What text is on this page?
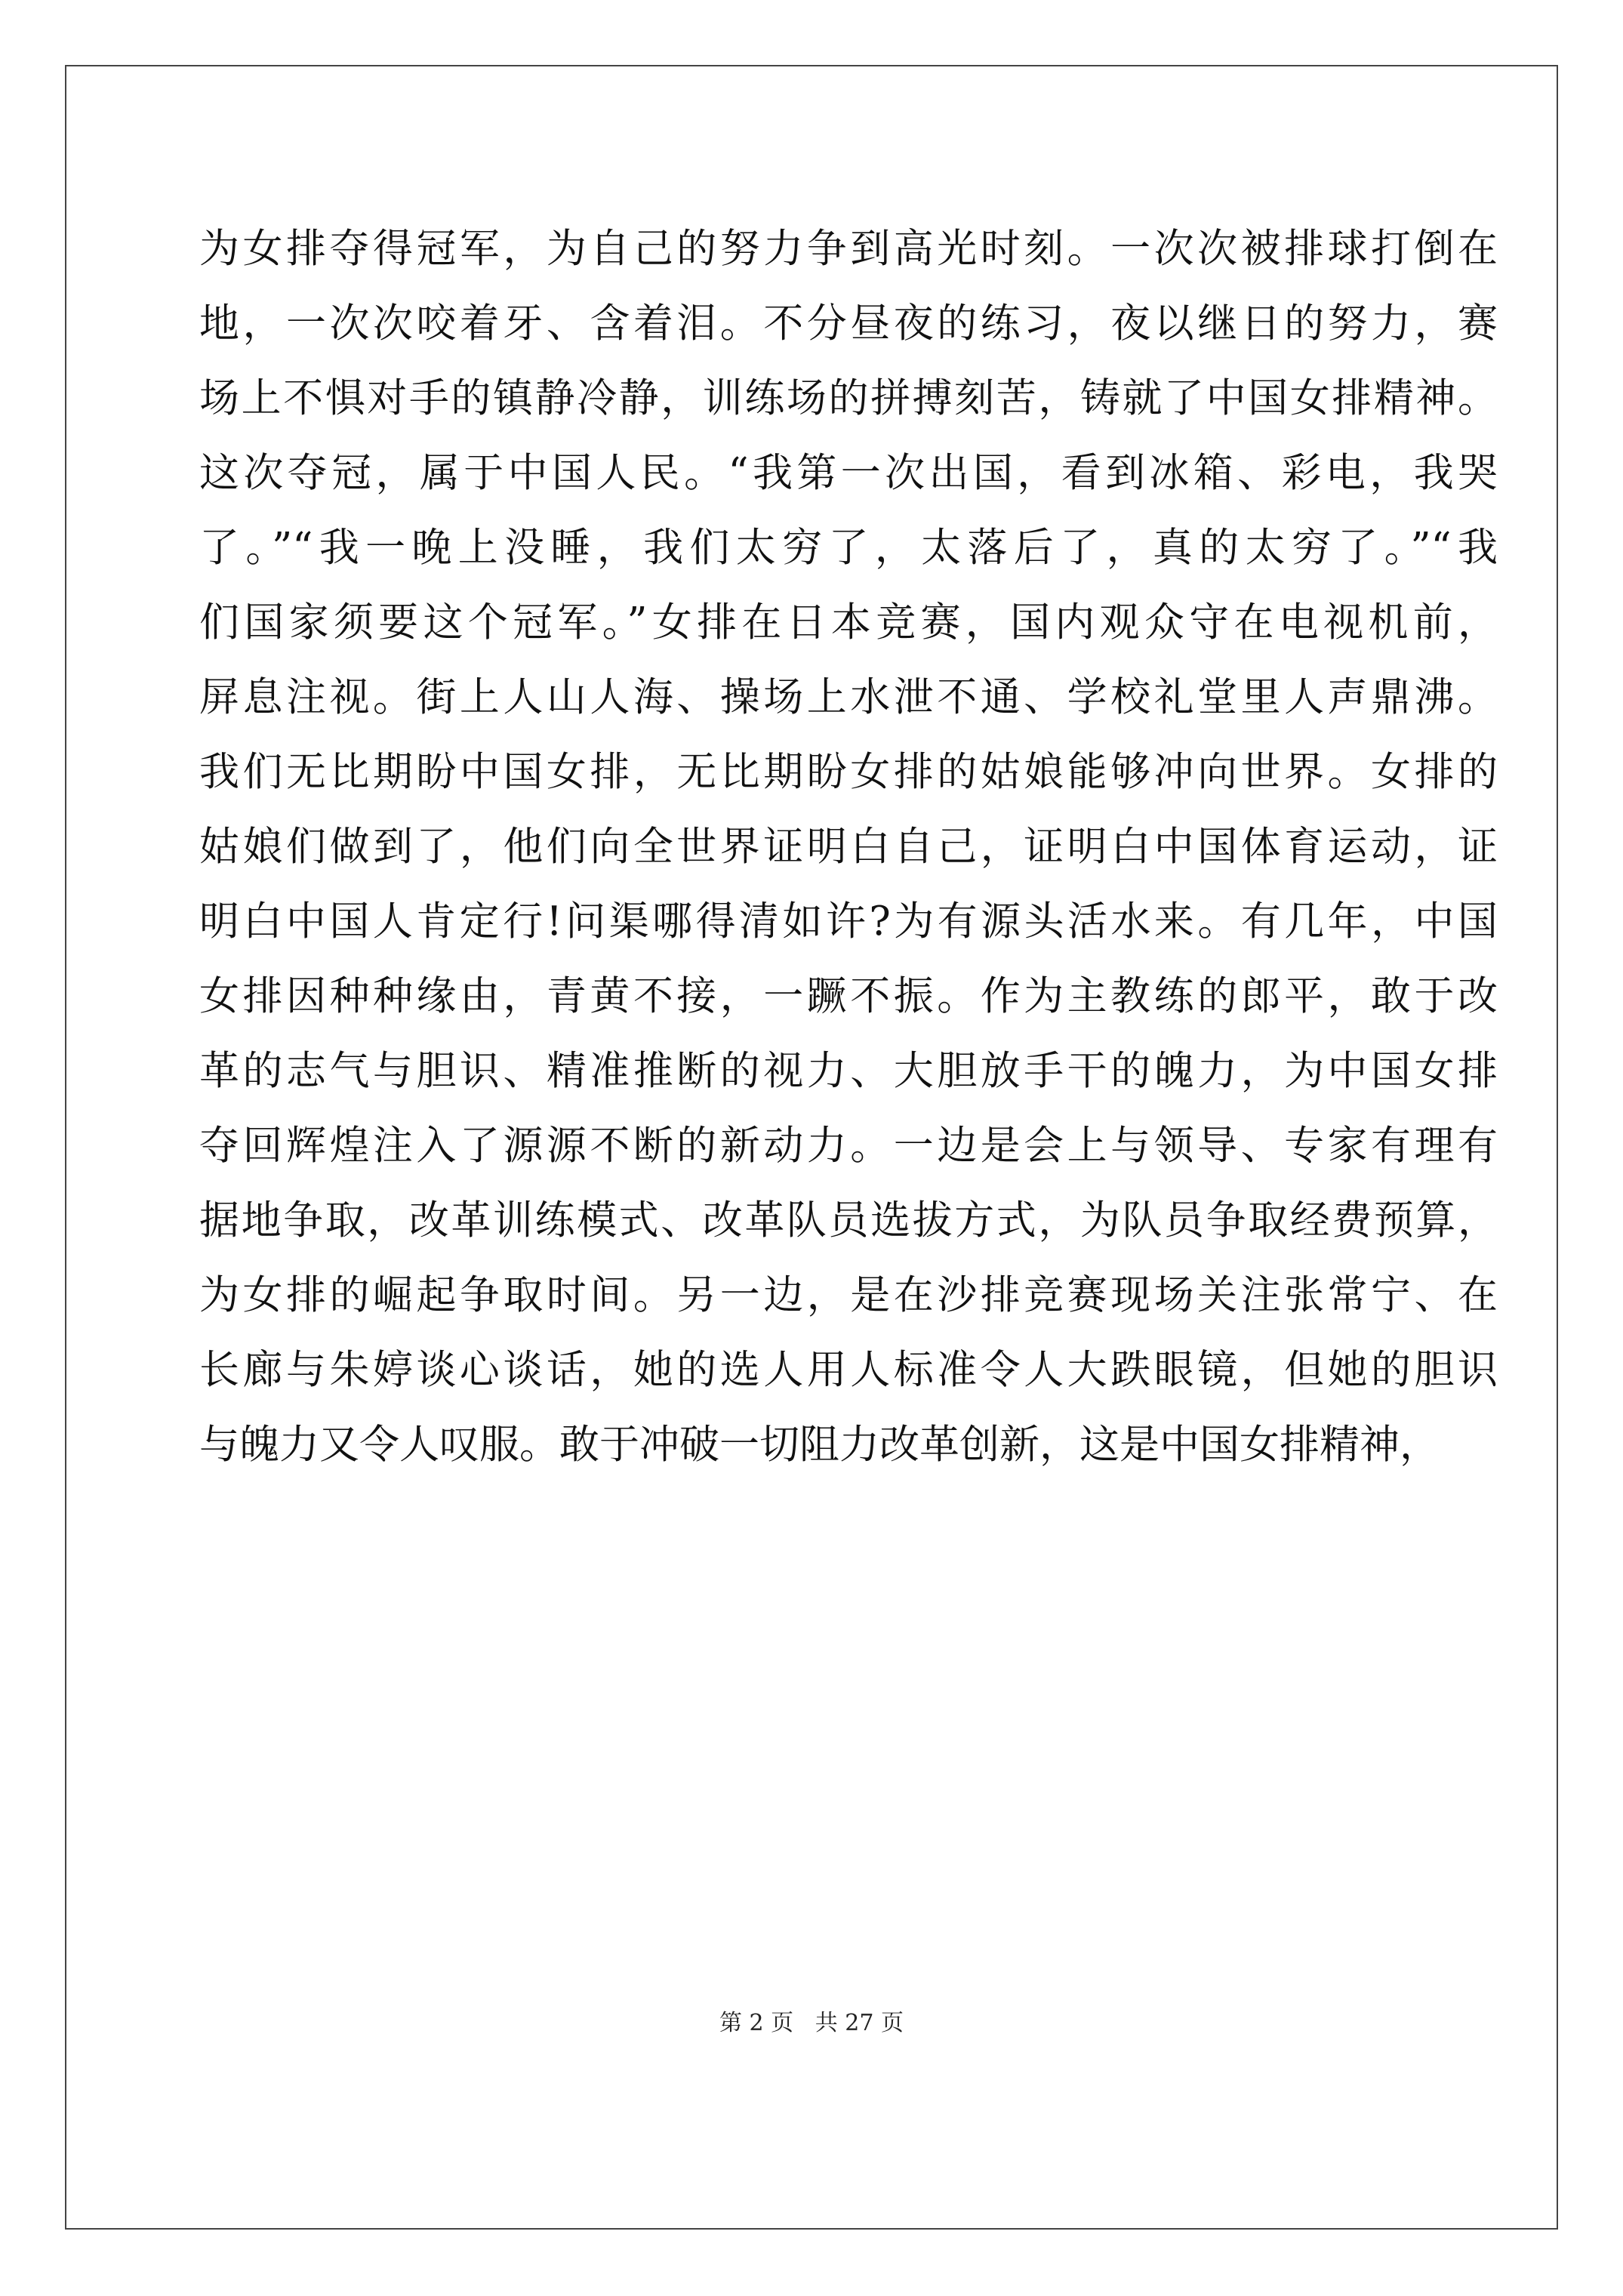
为女排夺得冠军，为自己的努力争到高光时刻。一次次被排球打倒在
地，一次次咬着牙、含着泪。不分昼夜的练习，夜以继日的努力，赛
场上不惧对手的镇静冷静，训练场的拼搏刻苦，铸就了中国女排精神。
这次夺冠，属于中国人民。“我第一次出国，看到冰箱、彩电，我哭
了。”“我一晚上没睡，我们太穷了，太落后了，真的太穷了。”“我
们国家须要这个冠军。”女排在日本竞赛，国内观众守在电视机前，
屏息注视。街上人山人海、操场上水泄不通、学校礼堂里人声鼎沸。
我们无比期盼中国女排，无比期盼女排的姑娘能够冲向世界。女排的
姑娘们做到了，他们向全世界证明白自己，证明白中国体育运动，证
明白中国人肯定行!问渠哪得清如许?为有源头活水来。有几年，中国
女排因种种缘由，青黄不接，一蹶不振。作为主教练的郎平，敢于改
革的志气与胆识、精准推断的视力、大胆放手干的魄力，为中国女排
夺回辉煌注入了源源不断的新动力。一边是会上与领导、专家有理有
据地争取，改革训练模式、改革队员选拔方式，为队员争取经费预算，
为女排的崛起争取时间。另一边，是在沙排竞赛现场关注张常宁、在
长廊与朱婷谈心谈话，她的选人用人标准令人大跌眼镜，但她的胆识
与魄力又令人叹服。敢于冲破一切阻力改革创新，这是中国女排精神，
第 2 页   共 27 页
